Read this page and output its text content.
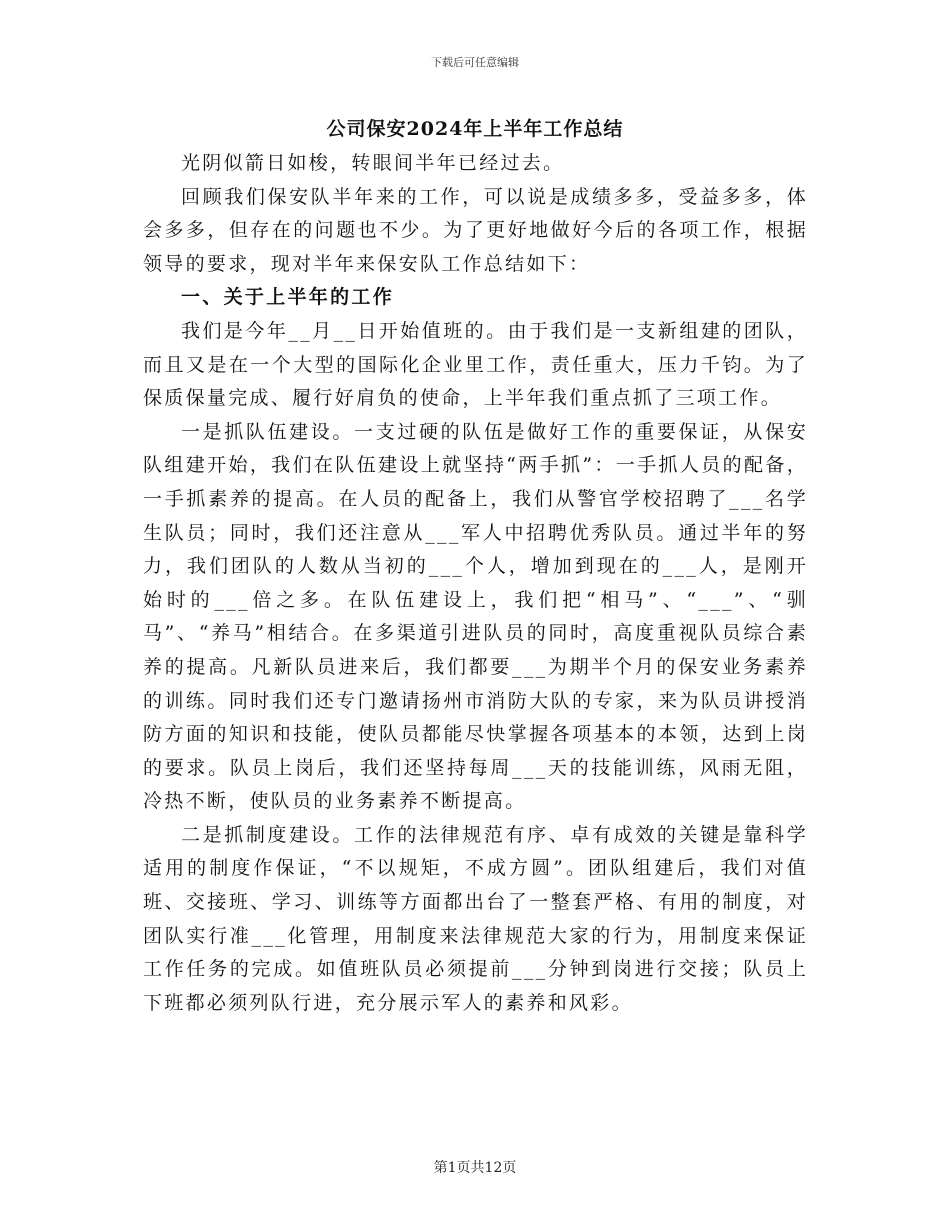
下载后可任意编辑
公司保安2024年上半年工作总结

光阴似箭日如梭，转眼间半年已经过去。

回顾我们保安队半年来的工作，可以说是成绩多多，受益多多，体会多多，但存在的问题也不少。为了更好地做好今后的各项工作，根据领导的要求，现对半年来保安队工作总结如下：

一、关于上半年的工作

我们是今年__月__日开始值班的。由于我们是一支新组建的团队，而且又是在一个大型的国际化企业里工作，责任重大，压力千钧。为了保质保量完成、履行好肩负的使命，上半年我们重点抓了三项工作。

一是抓队伍建设。一支过硬的队伍是做好工作的重要保证，从保安队组建开始，我们在队伍建设上就坚持“两手抓”：一手抓人员的配备，一手抓素养的提高。在人员的配备上，我们从警官学校招聘了___名学生队员；同时，我们还注意从___军人中招聘优秀队员。通过半年的努力，我们团队的人数从当初的___个人，增加到现在的___人，是刚开始时的___倍之多。在队伍建设上，我们把“相马”、“___”、“驯马”、“养马”相结合。在多渠道引进队员的同时，高度重视队员综合素养的提高。凡新队员进来后，我们都要___为期半个月的保安业务素养的训练。同时我们还专门邀请扬州市消防大队的专家，来为队员讲授消防方面的知识和技能，使队员都能尽快掌握各项基本的本领，达到上岗的要求。队员上岗后，我们还坚持每周___天的技能训练，风雨无阻，冷热不断，使队员的业务素养不断提高。

二是抓制度建设。工作的法律规范有序、卓有成效的关键是靠科学适用的制度作保证，“不以规矩，不成方圆”。团队组建后，我们对值班、交接班、学习、训练等方面都出台了一整套严格、有用的制度，对团队实行准___化管理，用制度来法律规范大家的行为，用制度来保证工作任务的完成。如值班队员必须提前___分钟到岗进行交接；队员上下班都必须列队行进，充分展示军人的素养和风彩。

第1页共12页
